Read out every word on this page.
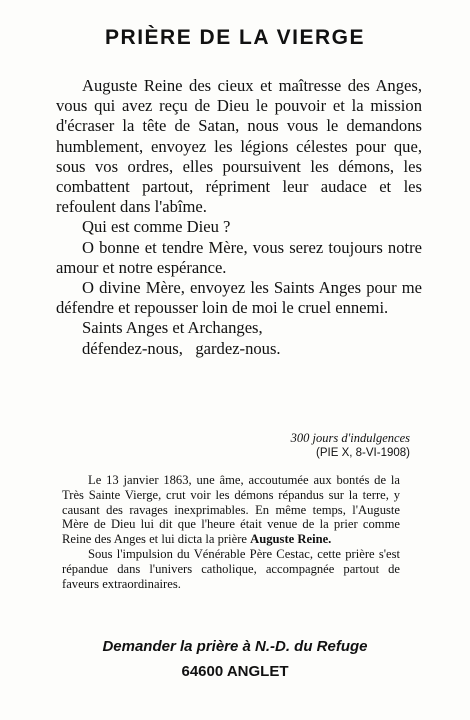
PRIÈRE DE LA VIERGE

Auguste Reine des cieux et maîtresse des Anges, vous qui avez reçu de Dieu le pouvoir et la mission d'écraser la tête de Satan, nous vous le demandons humblement, envoyez les légions célestes pour que, sous vos ordres, elles poursuivent les démons, les combattent partout, répriment leur audace et les refoulent dans l'abîme.

Qui est comme Dieu ?

O bonne et tendre Mère, vous serez toujours notre amour et notre espérance.

O divine Mère, envoyez les Saints Anges pour me défendre et repousser loin de moi le cruel ennemi.

Saints Anges et Archanges,

défendez-nous,   gardez-nous.

300 jours d'indulgences
(PIE X, 8-VI-1908)

Le 13 janvier 1863, une âme, accoutumée aux bontés de la Très Sainte Vierge, crut voir les démons répandus sur la terre, y causant des ravages inexprimables. En même temps, l'Auguste Mère de Dieu lui dit que l'heure était venue de la prier comme Reine des Anges et lui dicta la prière Auguste Reine.

Sous l'impulsion du Vénérable Père Cestac, cette prière s'est répandue dans l'univers catholique, accompagnée partout de faveurs extraordinaires.

Demander la prière à N.-D. du Refuge
64600 ANGLET
